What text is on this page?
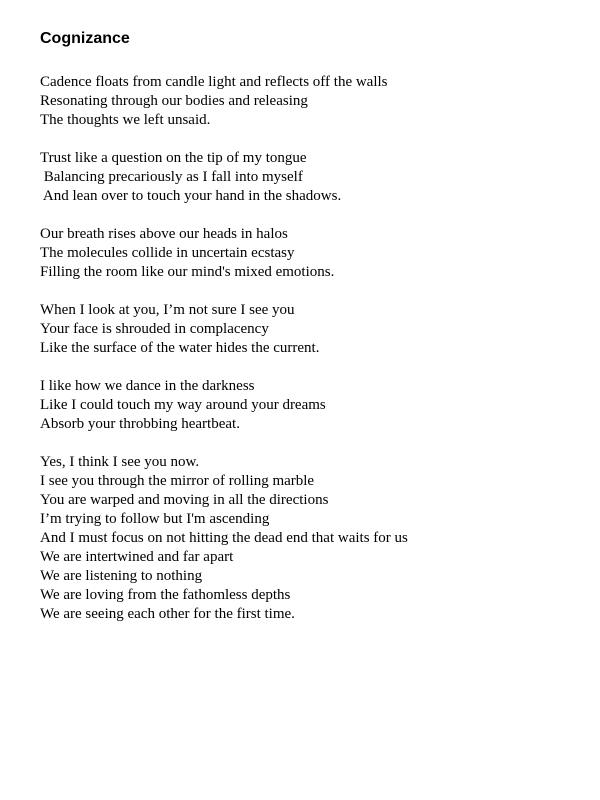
Cognizance
Cadence floats from candle light and reflects off the walls
Resonating through our bodies and releasing
The thoughts we left unsaid.
Trust like a question on the tip of my tongue
Balancing precariously as I fall into myself
And lean over to touch your hand in the shadows.
Our breath rises above our heads in halos
The molecules collide in uncertain ecstasy
Filling the room like our mind's mixed emotions.
When I look at you, I’m not sure I see you
Your face is shrouded in complacency
Like the surface of the water hides the current.
I like how we dance in the darkness
Like I could touch my way around your dreams
Absorb your throbbing heartbeat.
Yes, I think I see you now.
I see you through the mirror of rolling marble
You are warped and moving in all the directions
I’m trying to follow but I'm ascending
And I must focus on not hitting the dead end that waits for us
We are intertwined and far apart
We are listening to nothing
We are loving from the fathomless depths
We are seeing each other for the first time.
